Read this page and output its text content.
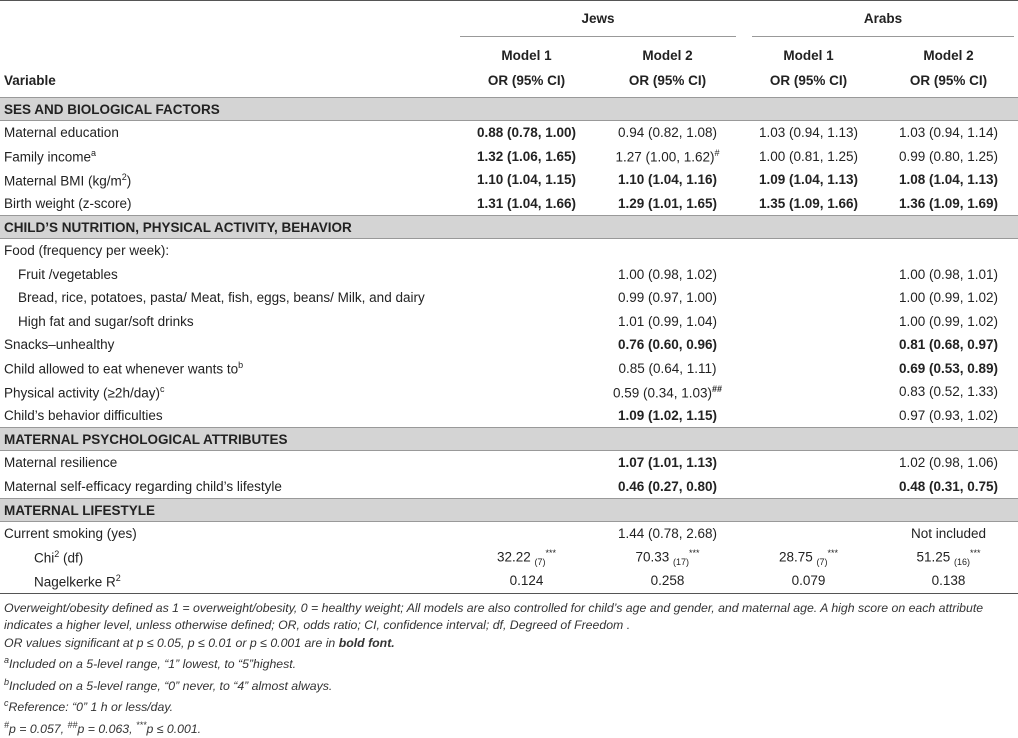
	Jews		Arabs	

	Model 1	Model 2	Model 1	Model 2
Variable	OR (95% CI)	OR (95% CI)	OR (95% CI)	OR (95% CI)
SES AND BIOLOGICAL FACTORS				
Maternal education	0.88 (0.78, 1.00)	0.94 (0.82, 1.08)	1.03 (0.94, 1.13)	1.03 (0.94, 1.14)
Family income$^a$	1.32 (1.06, 1.65)	1.27 (1.00, 1.62)#	1.00 (0.81, 1.25)	0.99 (0.80, 1.25)
Maternal BMI $(kg/m^2)$	1.10 (1.04, 1.15)	1.10 (1.04, 1.16)	1.09 (1.04, 1.13)	1.08 (1.04, 1.13)
Birth weight (z-score)	1.31 (1.04, 1.66)	1.29 (1.01, 1.65)	1.35 (1.09, 1.66)	1.36 (1.09, 1.69)
CHILD’S NUTRITION, PHYSICAL ACTIVITY, BEHAVIOR				
Food (frequency per week):				
Fruit /vegetables		1.00 (0.98, 1.02)		1.00 (0.98, 1.01)
Bread, rice, potatoes, pasta/ Meat, fish, eggs, beans/ Milk, and dairy		0.99 (0.97, 1.00)		1.00 (0.99, 1.02)
High fat and sugar/soft drinks		1.01 (0.99, 1.04)		1.00 (0.99, 1.02)
Snacks–unhealthy		0.76 (0.60, 0.96)		0.81 (0.68, 0.97)
Child allowed to eat whenever wants $to^b$		0.85 (0.64, 1.11)		0.69 (0.53, 0.89)
Physical activity (≥2h/day)$^c$		0.59 (0.34, 1.03)##		0.83 (0.52, 1.33)
Child’s behavior difficulties		1.09 (1.02, 1.15)		0.97 (0.93, 1.02)
MATERNAL PSYCHOLOGICAL ATTRIBUTES				
Maternal resilience		1.07 (1.01, 1.13)		1.02 (0.98, 1.06)
Maternal self-efficacy regarding child’s lifestyle		0.46 (0.27, 0.80)		0.48 (0.31, 0.75)
MATERNAL LIFESTYLE				
Current smoking (yes)		1.44 (0.78, 2.68)		Not included
Chi$^2$ (df)	32.22 $_{(7)}$***	70.33 $_{(17)}$***	28.75 $_{(7)}$***	51.25 $_{(16)}$***
Nagelkerke $R^2$	0.124	0.258	0.079	0.138
Overweight/obesity defined as 1 = overweight/obesity, 0 = healthy weight; All models are also controlled for child’s age and gender, and maternal age. A high score on each attribute indicates a higher level, unless otherwise defined; OR, odds ratio; CI, confidence interval; df, Degreed of Freedom .
OR values significant at p ≤ 0.05, p ≤ 0.01 or p ≤ 0.001 are in bold font.
$^a$Included on a 5-level range, “1” lowest, to “5”highest.
$^b$Included on a 5-level range, “0” never, to “4” almost always.
$^c$Reference: “0” 1 h or less/day.
#p = 0.057, ##p = 0.063, ***p ≤ 0.001.
